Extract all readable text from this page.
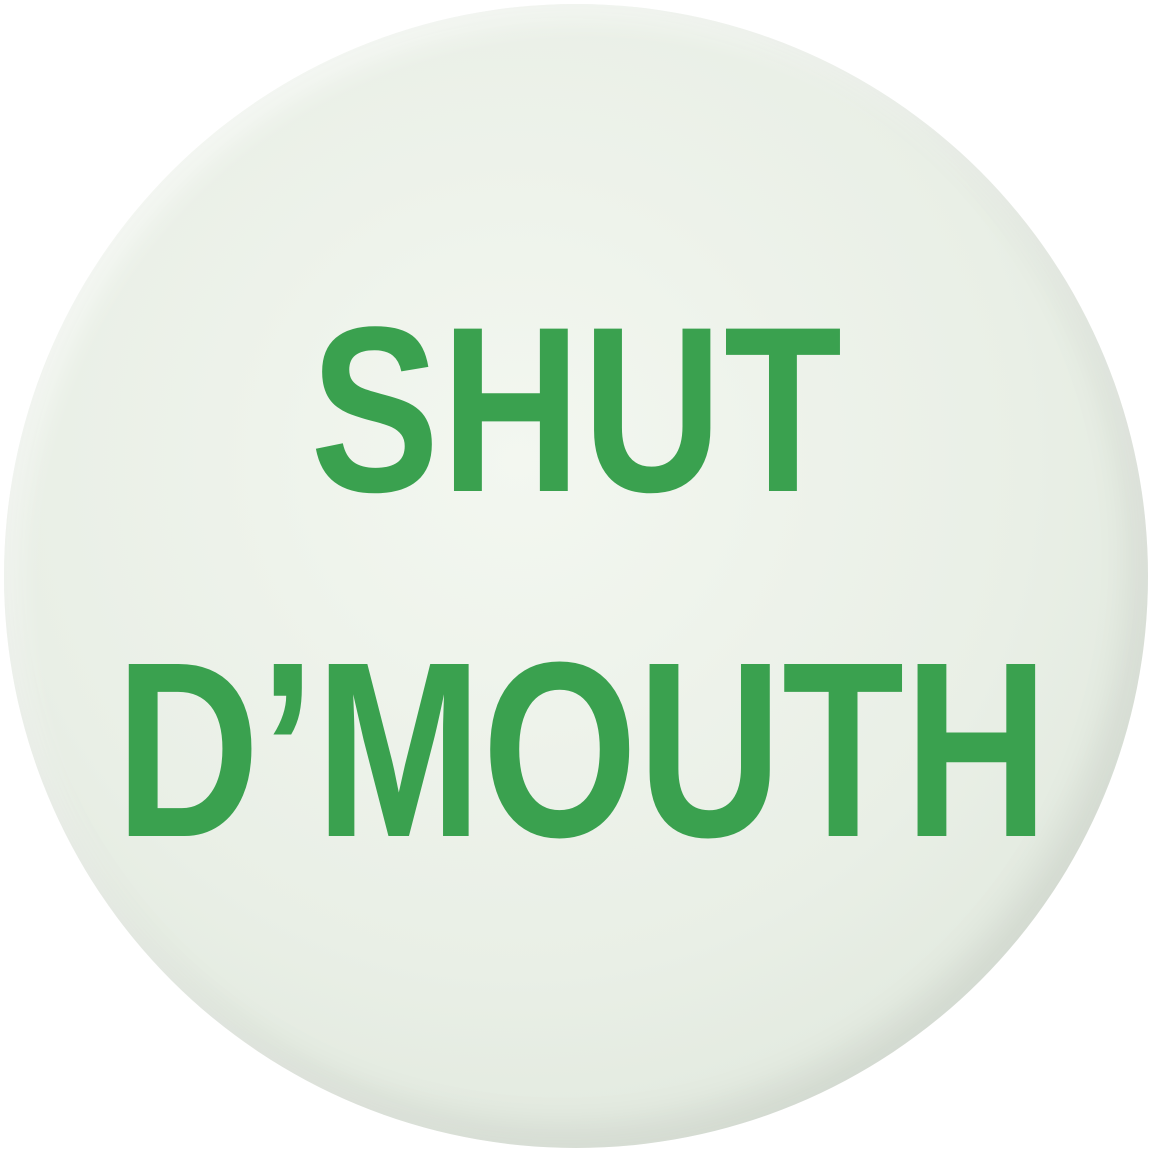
SHUT
D’MOUTH
